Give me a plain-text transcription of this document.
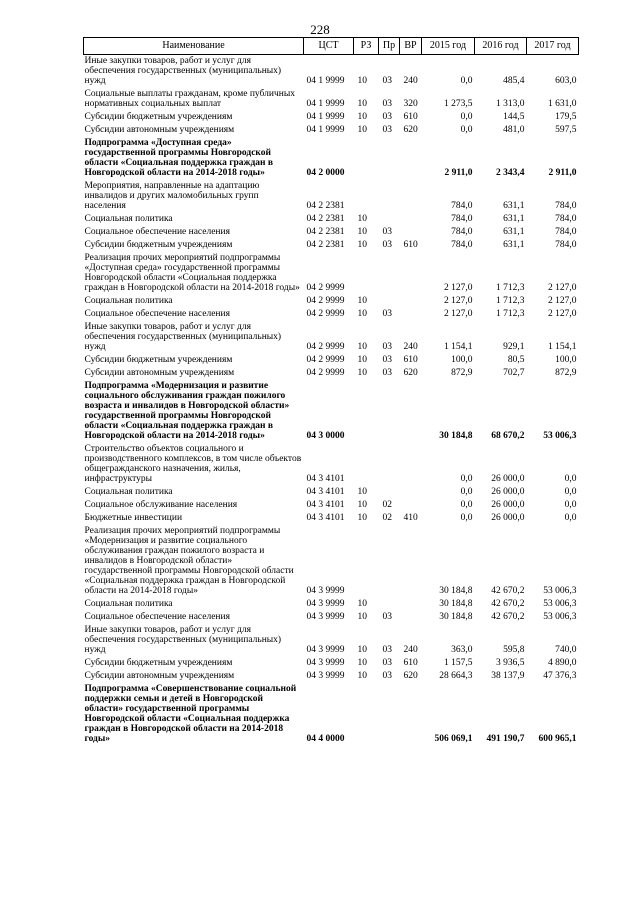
228
Наименование	ЦСТ	РЗ	Пр	ВР	2015 год	2016 год	2017 год
Иные закупки товаров, работ и услуг для обеспечения государственных (муниципальных) нужд	04 1 9999	10	03	240	0,0	485,4	603,0
Социальные выплаты гражданам, кроме публичных нормативных социальных выплат	04 1 9999	10	03	320	1 273,5	1 313,0	1 631,0
Субсидии бюджетным учреждениям	04 1 9999	10	03	610	0,0	144,5	179,5
Субсидии автономным учреждениям	04 1 9999	10	03	620	0,0	481,0	597,5
Подпрограмма «Доступная среда» государственной программы Новгородской области «Социальная поддержка граждан в Новгородской области на 2014-2018 годы»	04 2 0000				2 911,0	2 343,4	2 911,0
Мероприятия, направленные на адаптацию инвалидов и других маломобильных групп населения	04 2 2381				784,0	631,1	784,0
Социальная политика	04 2 2381	10			784,0	631,1	784,0
Социальное обеспечение населения	04 2 2381	10	03		784,0	631,1	784,0
Субсидии бюджетным учреждениям	04 2 2381	10	03	610	784,0	631,1	784,0
Реализация прочих мероприятий подпрограммы «Доступная среда» государственной программы Новгородской области «Социальная поддержка граждан в Новгородской области на 2014-2018 годы»	04 2 9999				2 127,0	1 712,3	2 127,0
Социальная политика	04 2 9999	10			2 127,0	1 712,3	2 127,0
Социальное обеспечение населения	04 2 9999	10	03		2 127,0	1 712,3	2 127,0
Иные закупки товаров, работ и услуг для обеспечения государственных (муниципальных) нужд	04 2 9999	10	03	240	1 154,1	929,1	1 154,1
Субсидии бюджетным учреждениям	04 2 9999	10	03	610	100,0	80,5	100,0
Субсидии автономным учреждениям	04 2 9999	10	03	620	872,9	702,7	872,9
Подпрограмма «Модернизация и развитие социального обслуживания граждан пожилого возраста и инвалидов в Новгородской области» государственной программы Новгородской области «Социальная поддержка граждан в Новгородской области на 2014-2018 годы»	04 3 0000				30 184,8	68 670,2	53 006,3
Строительство объектов социального и производственного комплексов, в том числе объектов общегражданского назначения, жилья, инфраструктуры	04 3 4101				0,0	26 000,0	0,0
Социальная политика	04 3 4101	10			0,0	26 000,0	0,0
Социальное обслуживание населения	04 3 4101	10	02		0,0	26 000,0	0,0
Бюджетные инвестиции	04 3 4101	10	02	410	0,0	26 000,0	0,0
Реализация прочих мероприятий подпрограммы «Модернизация и развитие социального обслуживания граждан пожилого возраста и инвалидов в Новгородской области» государственной программы Новгородской области «Социальная поддержка граждан в Новгородской области на 2014-2018 годы»	04 3 9999				30 184,8	42 670,2	53 006,3
Социальная политика	04 3 9999	10			30 184,8	42 670,2	53 006,3
Социальное обеспечение населения	04 3 9999	10	03		30 184,8	42 670,2	53 006,3
Иные закупки товаров, работ и услуг для обеспечения государственных (муниципальных) нужд	04 3 9999	10	03	240	363,0	595,8	740,0
Субсидии бюджетным учреждениям	04 3 9999	10	03	610	1 157,5	3 936,5	4 890,0
Субсидии автономным учреждениям	04 3 9999	10	03	620	28 664,3	38 137,9	47 376,3
Подпрограмма «Совершенствование социальной поддержки семьи и детей в Новгородской области» государственной программы Новгородской области «Социальная поддержка граждан в Новгородской области на 2014-2018 годы»	04 4 0000				506 069,1	491 190,7	600 965,1
